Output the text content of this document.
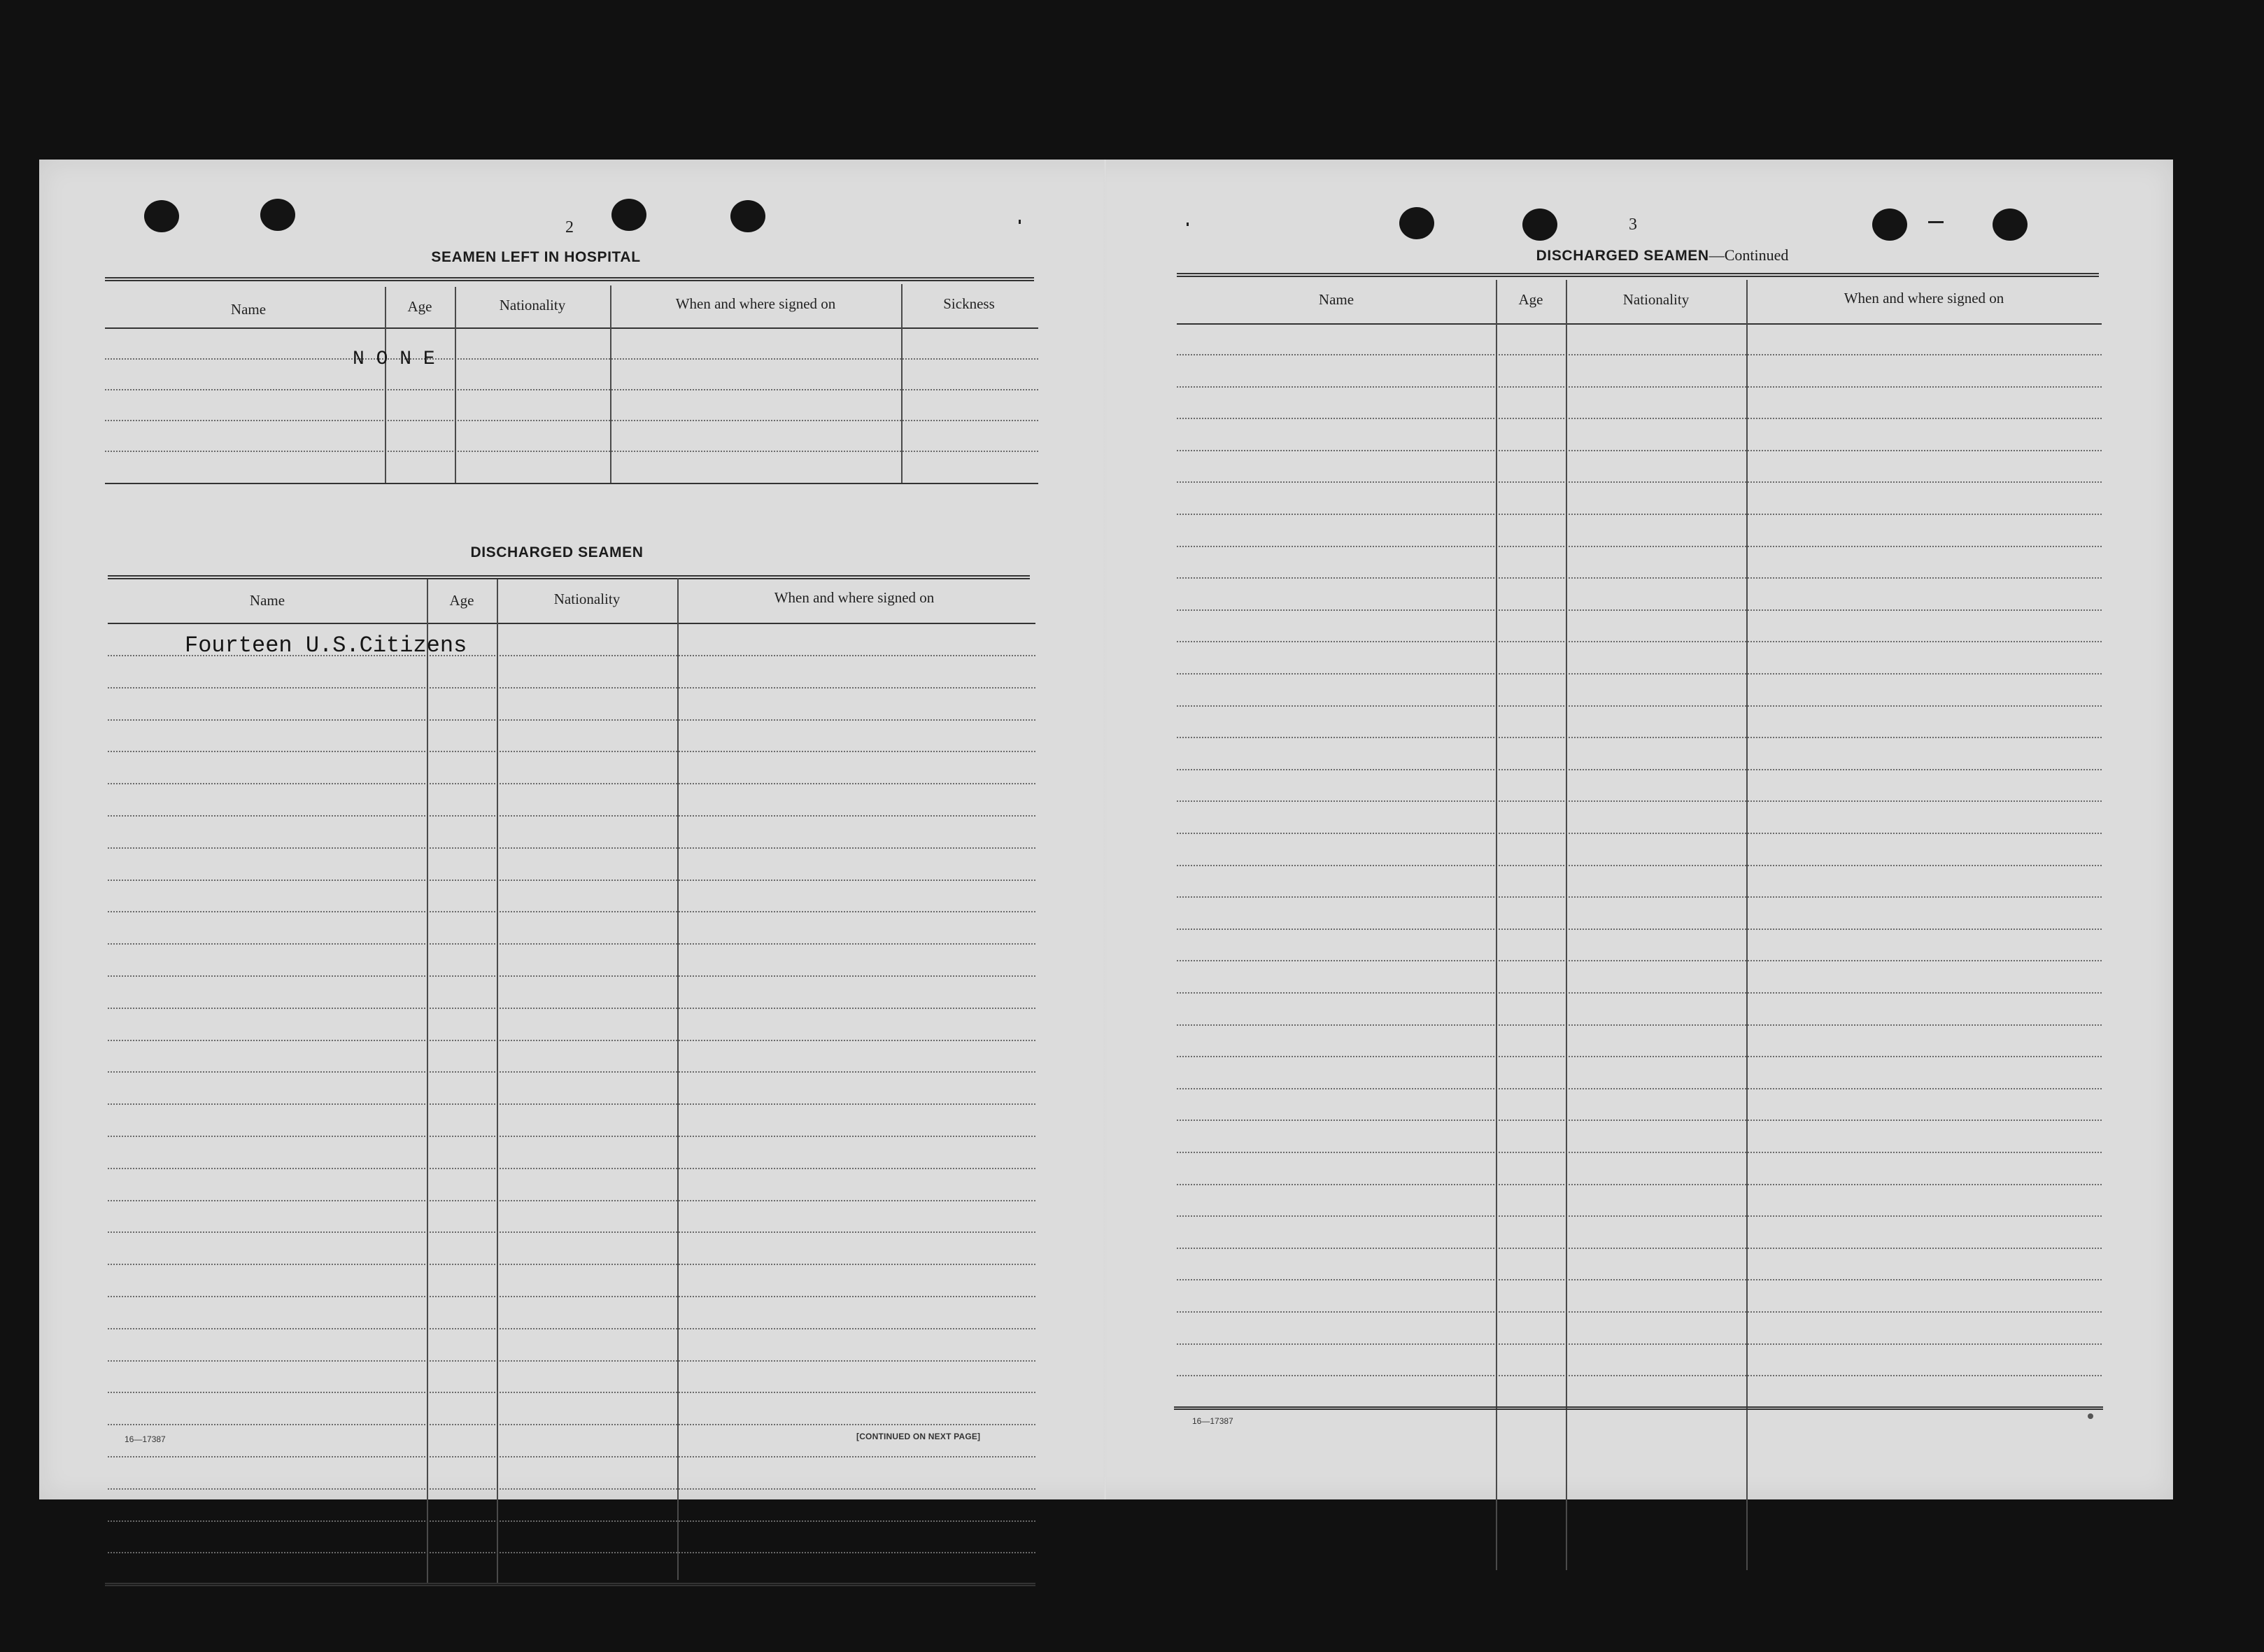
2
SEAMEN LEFT IN HOSPITAL
Name	Age	Nationality	When and where signed on	Sickness
N O N E
DISCHARGED SEAMEN
Name	Age	Nationality	When and where signed on
Fourteen U.S.Citizens
16—17387	[CONTINUED ON NEXT PAGE]
3
DISCHARGED SEAMEN—Continued
Name	Age	Nationality	When and where signed on
16—17387
